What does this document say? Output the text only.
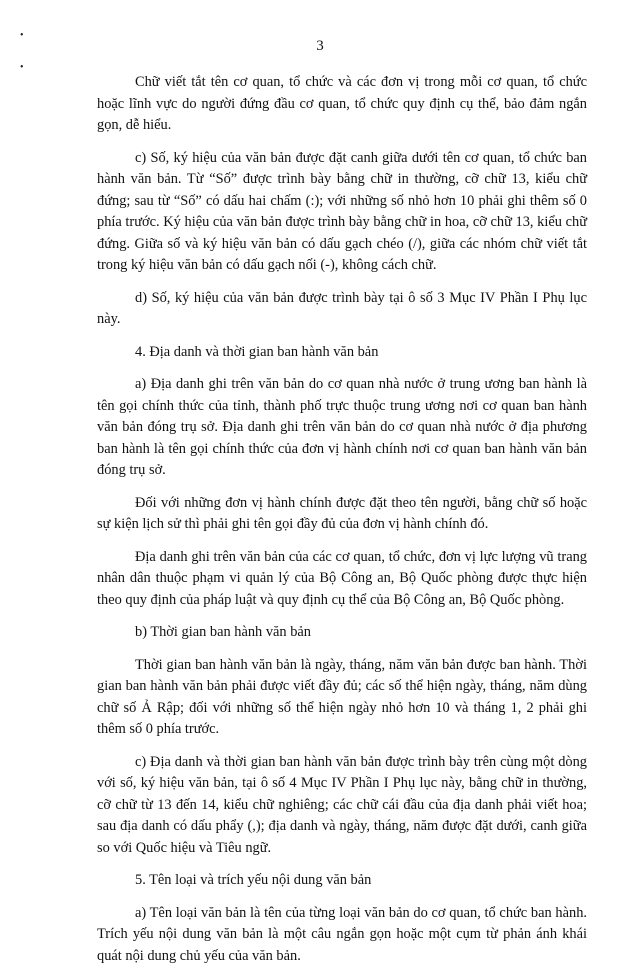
•
•
3

Chữ viết tắt tên cơ quan, tổ chức và các đơn vị trong mỗi cơ quan, tổ chức hoặc lĩnh vực do người đứng đầu cơ quan, tổ chức quy định cụ thể, bảo đảm ngắn gọn, dễ hiểu.

c) Số, ký hiệu của văn bản được đặt canh giữa dưới tên cơ quan, tổ chức ban hành văn bản. Từ “Số” được trình bày bằng chữ in thường, cỡ chữ 13, kiểu chữ đứng; sau từ “Số” có dấu hai chấm (:); với những số nhỏ hơn 10 phải ghi thêm số 0 phía trước. Ký hiệu của văn bản được trình bày bằng chữ in hoa, cỡ chữ 13, kiểu chữ đứng. Giữa số và ký hiệu văn bản có dấu gạch chéo (/), giữa các nhóm chữ viết tắt trong ký hiệu văn bản có dấu gạch nối (-), không cách chữ.

d) Số, ký hiệu của văn bản được trình bày tại ô số 3 Mục IV Phần I Phụ lục này.

4. Địa danh và thời gian ban hành văn bản

a) Địa danh ghi trên văn bản do cơ quan nhà nước ở trung ương ban hành là tên gọi chính thức của tỉnh, thành phố trực thuộc trung ương nơi cơ quan ban hành văn bản đóng trụ sở. Địa danh ghi trên văn bản do cơ quan nhà nước ở địa phương ban hành là tên gọi chính thức của đơn vị hành chính nơi cơ quan ban hành văn bản đóng trụ sở.

Đối với những đơn vị hành chính được đặt theo tên người, bằng chữ số hoặc sự kiện lịch sử thì phải ghi tên gọi đầy đủ của đơn vị hành chính đó.

Địa danh ghi trên văn bản của các cơ quan, tổ chức, đơn vị lực lượng vũ trang nhân dân thuộc phạm vi quản lý của Bộ Công an, Bộ Quốc phòng được thực hiện theo quy định của pháp luật và quy định cụ thể của Bộ Công an, Bộ Quốc phòng.

b) Thời gian ban hành văn bản

Thời gian ban hành văn bản là ngày, tháng, năm văn bản được ban hành. Thời gian ban hành văn bản phải được viết đầy đủ; các số thể hiện ngày, tháng, năm dùng chữ số Ả Rập; đối với những số thể hiện ngày nhỏ hơn 10 và tháng 1, 2 phải ghi thêm số 0 phía trước.

c) Địa danh và thời gian ban hành văn bản được trình bày trên cùng một dòng với số, ký hiệu văn bản, tại ô số 4 Mục IV Phần I Phụ lục này, bằng chữ in thường, cỡ chữ từ 13 đến 14, kiểu chữ nghiêng; các chữ cái đầu của địa danh phải viết hoa; sau địa danh có dấu phẩy (,); địa danh và ngày, tháng, năm được đặt dưới, canh giữa so với Quốc hiệu và Tiêu ngữ.

5. Tên loại và trích yếu nội dung văn bản

a) Tên loại văn bản là tên của từng loại văn bản do cơ quan, tổ chức ban hành. Trích yếu nội dung văn bản là một câu ngắn gọn hoặc một cụm từ phản ánh khái quát nội dung chủ yếu của văn bản.
